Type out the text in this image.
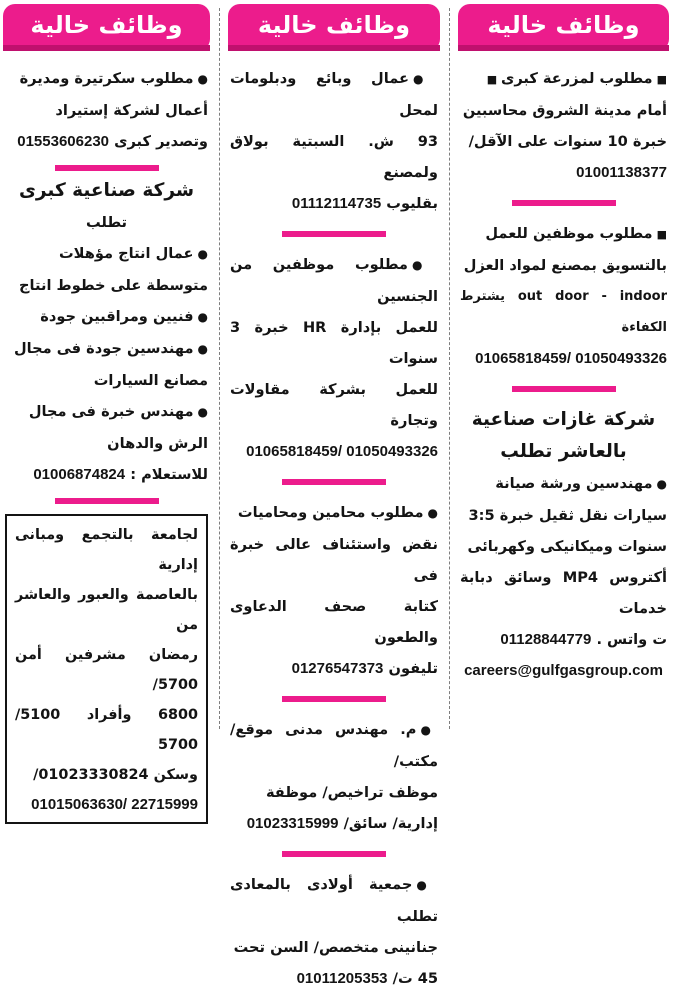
وظائف خالية

■مطلوب لمزرعة كبرى ■

أمام مدينة الشروق محاسبين

خبرة 10 سنوات على الآقل/

01001138377

■مطلوب موظفين للعمل

بالتسويق بمصنع لمواد العزل

out door - indoor يشترط الكفاءة

01050493326 /01065818459

شركة غازات صناعية

بالعاشر تطلب

●مهندسين ورشة صيانة

سيارات نقل ثقيل خبرة 3:5

سنوات وميكانيكى وكهربائى

أكتروس MP4 وسائق دبابة خدمات

ت واتس . 01128844779

careers@gulfgasgroup.com

وظائف خالية

●عمال وبائع ودبلومات لمحل

93 ش. السبتية بولاق ولمصنع

بقليوب 01112114735

●مطلوب موظفين من الجنسين

للعمل بإدارة HR خبرة 3 سنوات

للعمل بشركة مقاولات وتجارة

01050493326 /01065818459

●مطلوب محامين ومحاميات

نقض واستئناف عالى خبرة فى

كتابة صحف الدعاوى والطعون

تليفون 01276547373

●م. مهندس مدنى موقع/ مكتب/

موظف تراخيص/ موظفة

إدارية/ سائق/ 01023315999

●جمعية أولادى بالمعادى تطلب

جنانينى متخصص/ السن تحت

45 ت/ 01011205353

وظائف خالية

●مطلوب سكرتيرة ومديرة

أعمال لشركة إستيراد

وتصدير كبرى 01553606230

شركة صناعية كبرى

تطلب

●عمال انتاج مؤهلات

متوسطة على خطوط انتاج

●فنيين ومراقبين جودة

●مهندسين جودة فى مجال

مصانع السيارات

●مهندس خبرة فى مجال

الرش والدهان

للاستعلام : 01006874824

لجامعة بالتجمع ومبانى إدارية

بالعاصمة والعبور والعاشر من

رمضان مشرفين أمن 5700/

6800 وأفراد 5100/ 5700

وسكن 01023330824/

22715999 /01015063630
